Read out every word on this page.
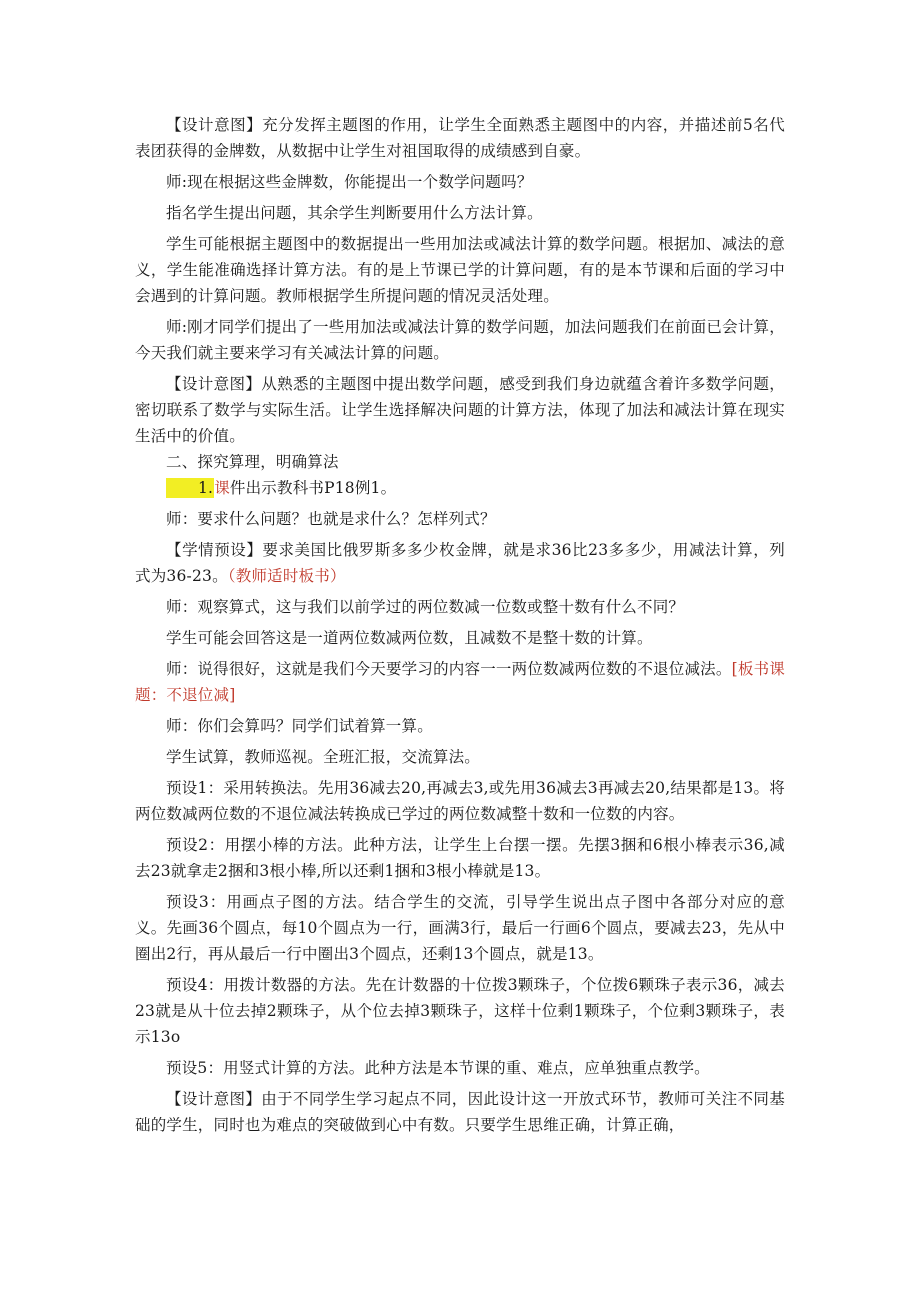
【设计意图】充分发挥主题图的作用，让学生全面熟悉主题图中的内容，并描述前5名代表团获得的金牌数，从数据中让学生对祖国取得的成绩感到自豪。

师:现在根据这些金牌数，你能提出一个数学问题吗？

指名学生提出问题，其余学生判断要用什么方法计算。

学生可能根据主题图中的数据提出一些用加法或减法计算的数学问题。根据加、减法的意义，学生能准确选择计算方法。有的是上节课已学的计算问题，有的是本节课和后面的学习中会遇到的计算问题。教师根据学生所提问题的情况灵活处理。

师:刚才同学们提出了一些用加法或减法计算的数学问题，加法问题我们在前面已会计算，今天我们就主要来学习有关减法计算的问题。

【设计意图】从熟悉的主题图中提出数学问题，感受到我们身边就蕴含着许多数学问题，密切联系了数学与实际生活。让学生选择解决问题的计算方法，体现了加法和减法计算在现实生活中的价值。

二、探究算理，明确算法

1.课件出示教科书P18例1。

师：要求什么问题？也就是求什么？怎样列式？

【学情预设】要求美国比俄罗斯多多少枚金牌，就是求36比23多多少，用减法计算，列式为36-23。（教师适时板书）

师：观察算式，这与我们以前学过的两位数减一位数或整十数有什么不同？

学生可能会回答这是一道两位数减两位数，且减数不是整十数的计算。

师：说得很好，这就是我们今天要学习的内容一一两位数减两位数的不退位减法。[板书课题：不退位减]

师：你们会算吗？同学们试着算一算。

学生试算，教师巡视。全班汇报，交流算法。

预设1：采用转换法。先用36减去20,再减去3,或先用36减去3再减去20,结果都是13。将两位数减两位数的不退位减法转换成已学过的两位数减整十数和一位数的内容。

预设2：用摆小棒的方法。此种方法，让学生上台摆一摆。先摆3捆和6根小棒表示36,减去23就拿走2捆和3根小棒,所以还剩1捆和3根小棒就是13。

预设3：用画点子图的方法。结合学生的交流，引导学生说出点子图中各部分对应的意义。先画36个圆点，每10个圆点为一行，画满3行，最后一行画6个圆点，要减去23，先从中圈出2行，再从最后一行中圈出3个圆点，还剩13个圆点，就是13。

预设4：用拨计数器的方法。先在计数器的十位拨3颗珠子，个位拨6颗珠子表示36，减去23就是从十位去掉2颗珠子，从个位去掉3颗珠子，这样十位剩1颗珠子，个位剩3颗珠子，表示13o

预设5：用竖式计算的方法。此种方法是本节课的重、难点，应单独重点教学。

【设计意图】由于不同学生学习起点不同，因此设计这一开放式环节，教师可关注不同基础的学生，同时也为难点的突破做到心中有数。只要学生思维正确，计算正确，
